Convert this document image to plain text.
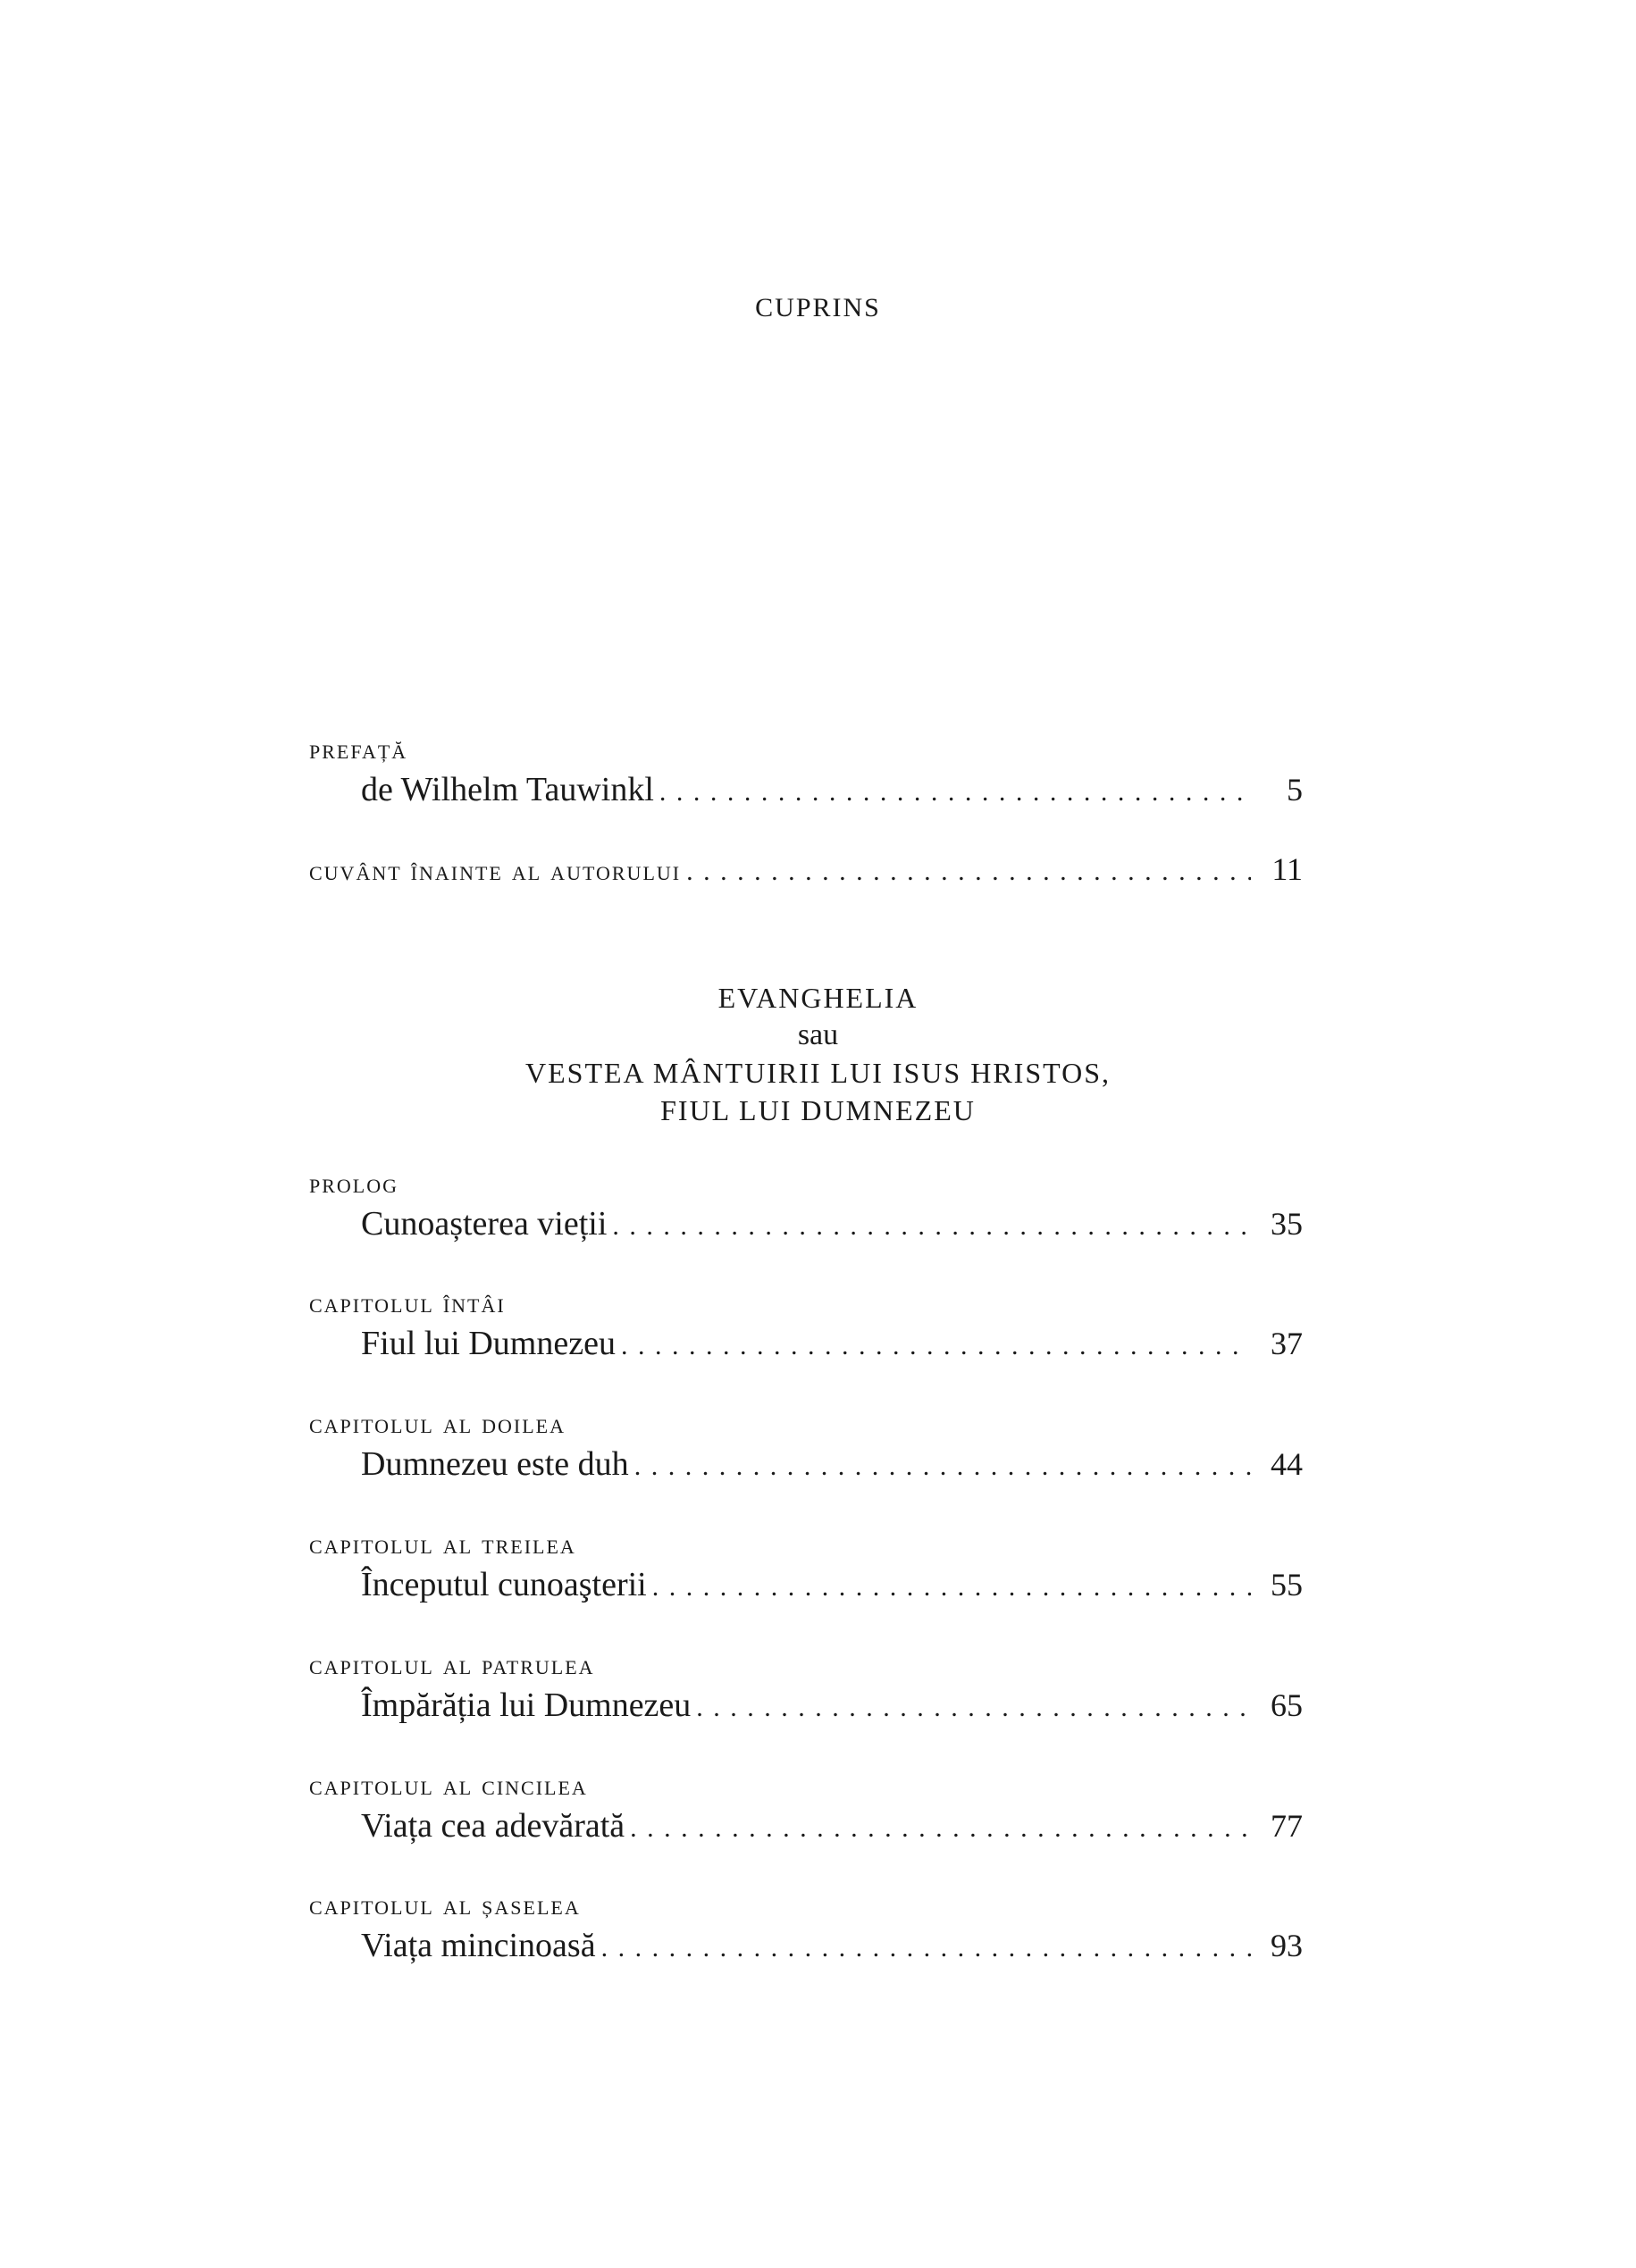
CUPRINS
prefață
de Wilhelm Tauwinkl . . .	5
cuvânt înainte al autorului . . .	11
EVANGHELIA
sau
VESTEA MÂNTUIRII LUI ISUS HRISTOS,
FIUL LUI DUMNEZEU
prolog
Cunoașterea vieții . . .	35
capitolul întâi
Fiul lui Dumnezeu . . .	37
capitolul al doilea
Dumnezeu este duh . . .	44
capitolul al treilea
Începutul cunoaşterii . . .	55
capitolul al patrulea
Împărăția lui Dumnezeu . . .	65
capitolul al cincilea
Viața cea adevărată . . .	77
capitolul al șaselea
Viața mincinoasă . . .	93
